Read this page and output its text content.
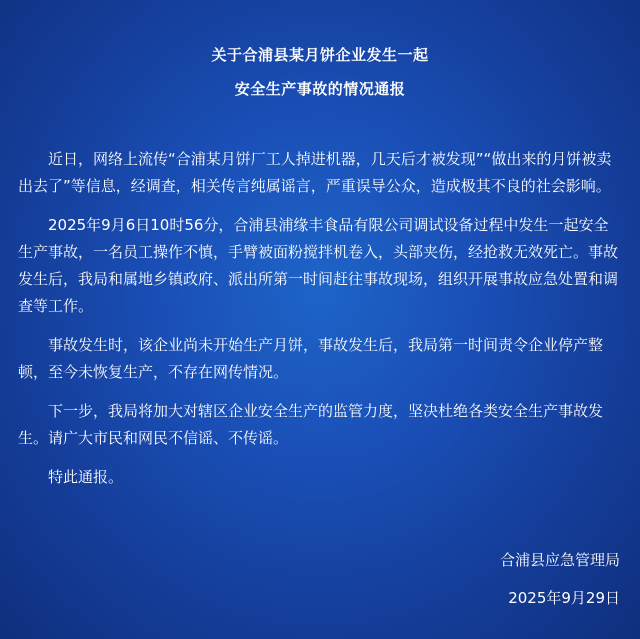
关于合浦县某月饼企业发生一起
安全生产事故的情况通报

近日，网络上流传“合浦某月饼厂工人掉进机器，几天后才被发现”“做出来的月饼被卖出去了”等信息，经调查，相关传言纯属谣言，严重误导公众，造成极其不良的社会影响。

2025年9月6日10时56分，合浦县浦缘丰食品有限公司调试设备过程中发生一起安全生产事故，一名员工操作不慎，手臂被面粉搅拌机卷入，头部夹伤，经抢救无效死亡。事故发生后，我局和属地乡镇政府、派出所第一时间赶往事故现场，组织开展事故应急处置和调查等工作。

事故发生时，该企业尚未开始生产月饼，事故发生后，我局第一时间责令企业停产整顿，至今未恢复生产，不存在网传情况。

下一步，我局将加大对辖区企业安全生产的监管力度，坚决杜绝各类安全生产事故发生。请广大市民和网民不信谣、不传谣。

特此通报。

合浦县应急管理局
2025年9月29日
